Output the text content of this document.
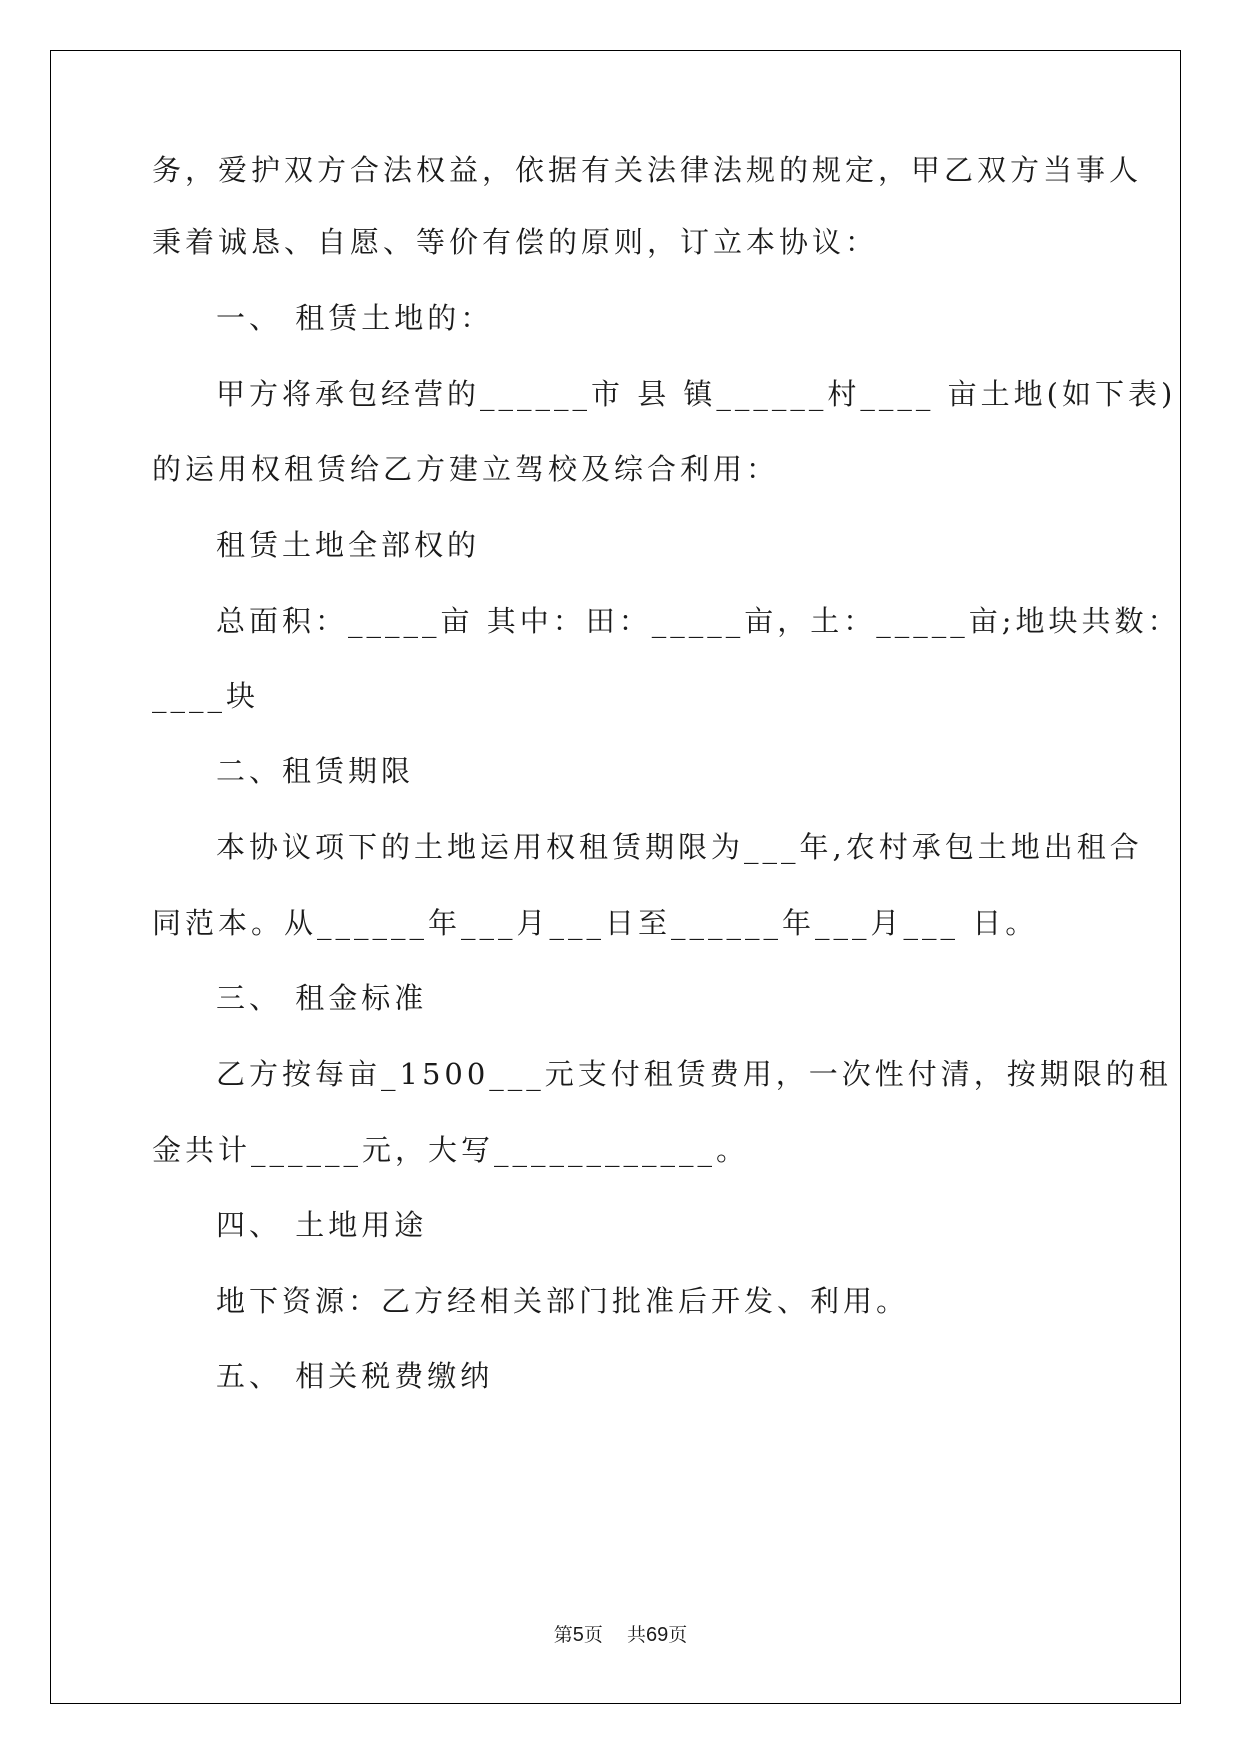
务，爱护双方合法权益，依据有关法律法规的规定，甲乙双方当事人
秉着诚恳、自愿、等价有偿的原则，订立本协议：
一、 租赁土地的：
甲方将承包经营的______市 县 镇______村____ 亩土地(如下表)
的运用权租赁给乙方建立驾校及综合利用：
租赁土地全部权的
总面积：_____亩 其中：田：_____亩，土：_____亩;地块共数：
____块
二、租赁期限
本协议项下的土地运用权租赁期限为___年,农村承包土地出租合
同范本。从______年___月___日至______年___月___ 日。
三、 租金标准
乙方按每亩_1500___元支付租赁费用，一次性付清，按期限的租
金共计______元，大写____________。
四、 土地用途
地下资源：乙方经相关部门批准后开发、利用。
五、 相关税费缴纳
第5页 共69页
